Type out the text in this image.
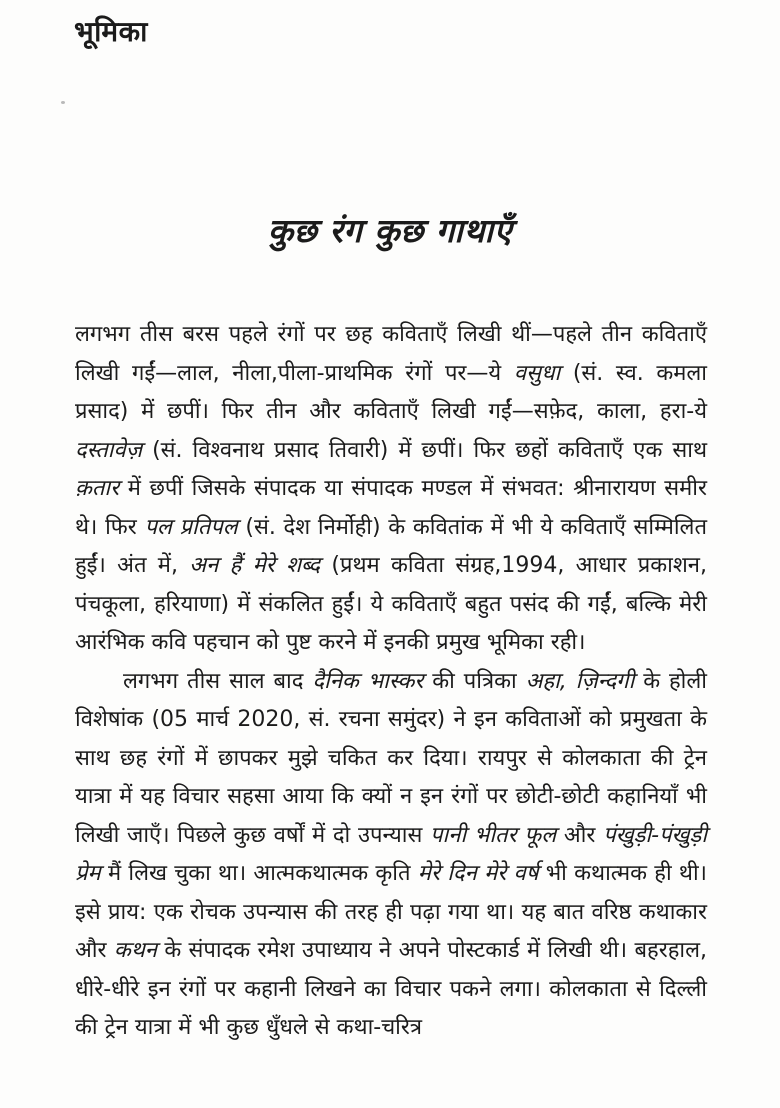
भूमिका
कुछ रंग कुछ गाथाएँ

लगभग तीस बरस पहले रंगों पर छह कविताएँ लिखी थीं—पहले तीन कविताएँ लिखी गईं—लाल, नीला,पीला-प्राथमिक रंगों पर—ये वसुधा (सं. स्व. कमला प्रसाद) में छपीं। फिर तीन और कविताएँ लिखी गईं—सफ़ेद, काला, हरा-ये दस्तावेज़ (सं. विश्वनाथ प्रसाद तिवारी) में छपीं। फिर छहों कविताएँ एक साथ क़तार में छपीं जिसके संपादक या संपादक मण्डल में संभवत: श्रीनारायण समीर थे। फिर पल प्रतिपल (सं. देश निर्मोही) के कवितांक में भी ये कविताएँ सम्मिलित हुईं। अंत में, अन हैं मेरे शब्द (प्रथम कविता संग्रह,1994, आधार प्रकाशन, पंचकूला, हरियाणा) में संकलित हुईं। ये कविताएँ बहुत पसंद की गईं, बल्कि मेरी आरंभिक कवि पहचान को पुष्ट करने में इनकी प्रमुख भूमिका रही।

लगभग तीस साल बाद दैनिक भास्कर की पत्रिका अहा, ज़िन्दगी के होली विशेषांक (05 मार्च 2020, सं. रचना समुंदर) ने इन कविताओं को प्रमुखता के साथ छह रंगों में छापकर मुझे चकित कर दिया। रायपुर से कोलकाता की ट्रेन यात्रा में यह विचार सहसा आया कि क्यों न इन रंगों पर छोटी-छोटी कहानियाँ भी लिखी जाएँ। पिछले कुछ वर्षों में दो उपन्यास पानी भीतर फूल और पंखुड़ी-पंखुड़ी प्रेम मैं लिख चुका था। आत्मकथात्मक कृति मेरे दिन मेरे वर्ष भी कथात्मक ही थी। इसे प्राय: एक रोचक उपन्यास की तरह ही पढ़ा गया था। यह बात वरिष्ठ कथाकार और कथन के संपादक रमेश उपाध्याय ने अपने पोस्टकार्ड में लिखी थी। बहरहाल, धीरे-धीरे इन रंगों पर कहानी लिखने का विचार पकने लगा। कोलकाता से दिल्ली की ट्रेन यात्रा में भी कुछ धुँधले से कथा-चरित्र
